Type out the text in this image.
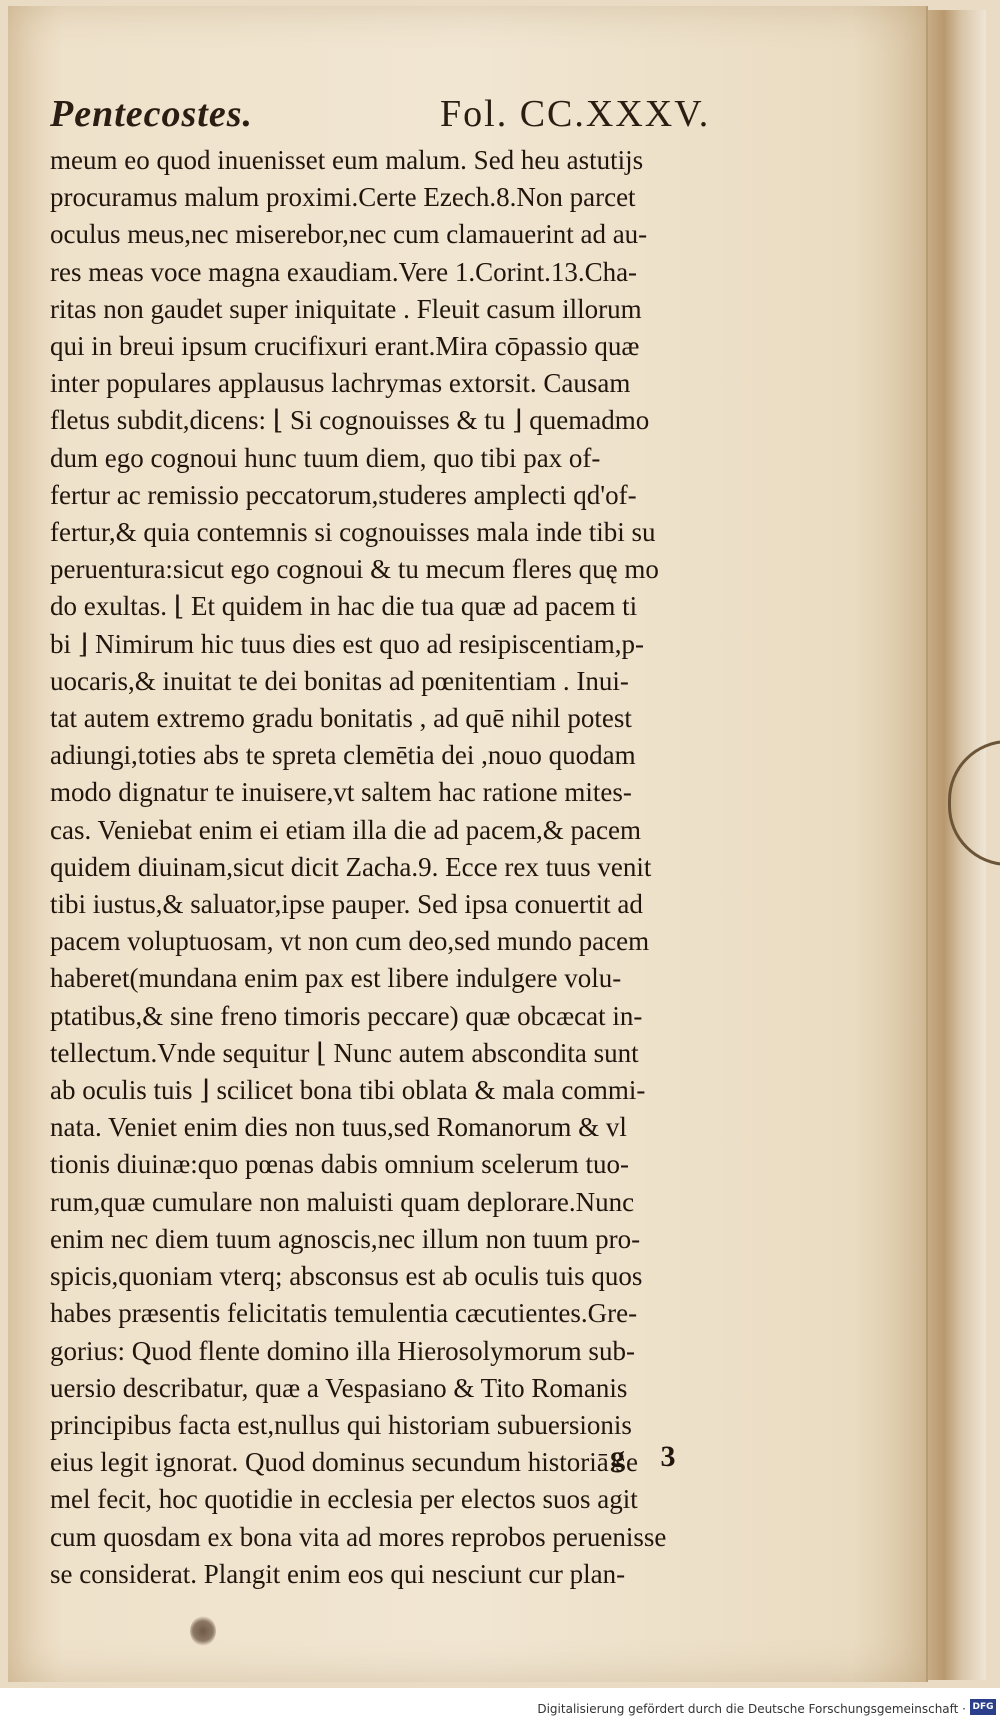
Pentecostes.	Fol. CC.XXXV.
meum eo quod inuenisset eum malum. Sed heu astutijs
procuramus malum proximi.Certe Ezech.8.Non parcet
oculus meus,nec miserebor,nec cum clamauerint ad au-
res meas voce magna exaudiam.Vere 1.Corint.13.Cha-
ritas non gaudet super iniquitate . Fleuit casum illorum
qui in breui ipsum crucifixuri erant.Mira cōpassio quæ
inter populares applausus lachrymas extorsit. Causam
fletus subdit,dicens: ⌊ Si cognouisses & tu ⌋ quemadmo
dum ego cognoui hunc tuum diem, quo tibi pax of-
fertur ac remissio peccatorum,studeres amplecti qd'of-
fertur,& quia contemnis si cognouisses mala inde tibi su
peruentura:sicut ego cognoui & tu mecum fleres quę mo
do exultas. ⌊ Et quidem in hac die tua quæ ad pacem ti
bi ⌋ Nimirum hic tuus dies est quo ad resipiscentiam,p-
uocaris,& inuitat te dei bonitas ad pœnitentiam . Inui-
tat autem extremo gradu bonitatis , ad quē nihil potest
adiungi,toties abs te spreta clemētia dei ,nouo quodam
modo dignatur te inuisere,vt saltem hac ratione mites-
cas. Veniebat enim ei etiam illa die ad pacem,& pacem
quidem diuinam,sicut dicit Zacha.9. Ecce rex tuus venit
tibi iustus,& saluator,ipse pauper. Sed ipsa conuertit ad
pacem voluptuosam, vt non cum deo,sed mundo pacem
haberet(mundana enim pax est libere indulgere volu-
ptatibus,& sine freno timoris peccare) quæ obcæcat in-
tellectum.Vnde sequitur ⌊ Nunc autem abscondita sunt
ab oculis tuis ⌋ scilicet bona tibi oblata & mala commi-
nata. Veniet enim dies non tuus,sed Romanorum & vl
tionis diuinæ:quo pœnas dabis omnium scelerum tuo-
rum,quæ cumulare non maluisti quam deplorare.Nunc
enim nec diem tuum agnoscis,nec illum non tuum pro-
spicis,quoniam vterq; absconsus est ab oculis tuis quos
habes præsentis felicitatis temulentia cæcutientes.Gre-
gorius: Quod flente domino illa Hierosolymorum sub-
uersio describatur, quæ a Vespasiano & Tito Romanis
principibus facta est,nullus qui historiam subuersionis
eius legit ignorat. Quod dominus secundum historiā se
mel fecit, hoc quotidie in ecclesia per electos suos agit
cum quosdam ex bona vita ad mores reprobos peruenisse
se considerat. Plangit enim eos qui nesciunt cur plan-
g 3
Digitalisierung gefördert durch die Deutsche Forschungsgemeinschaft · DFG
